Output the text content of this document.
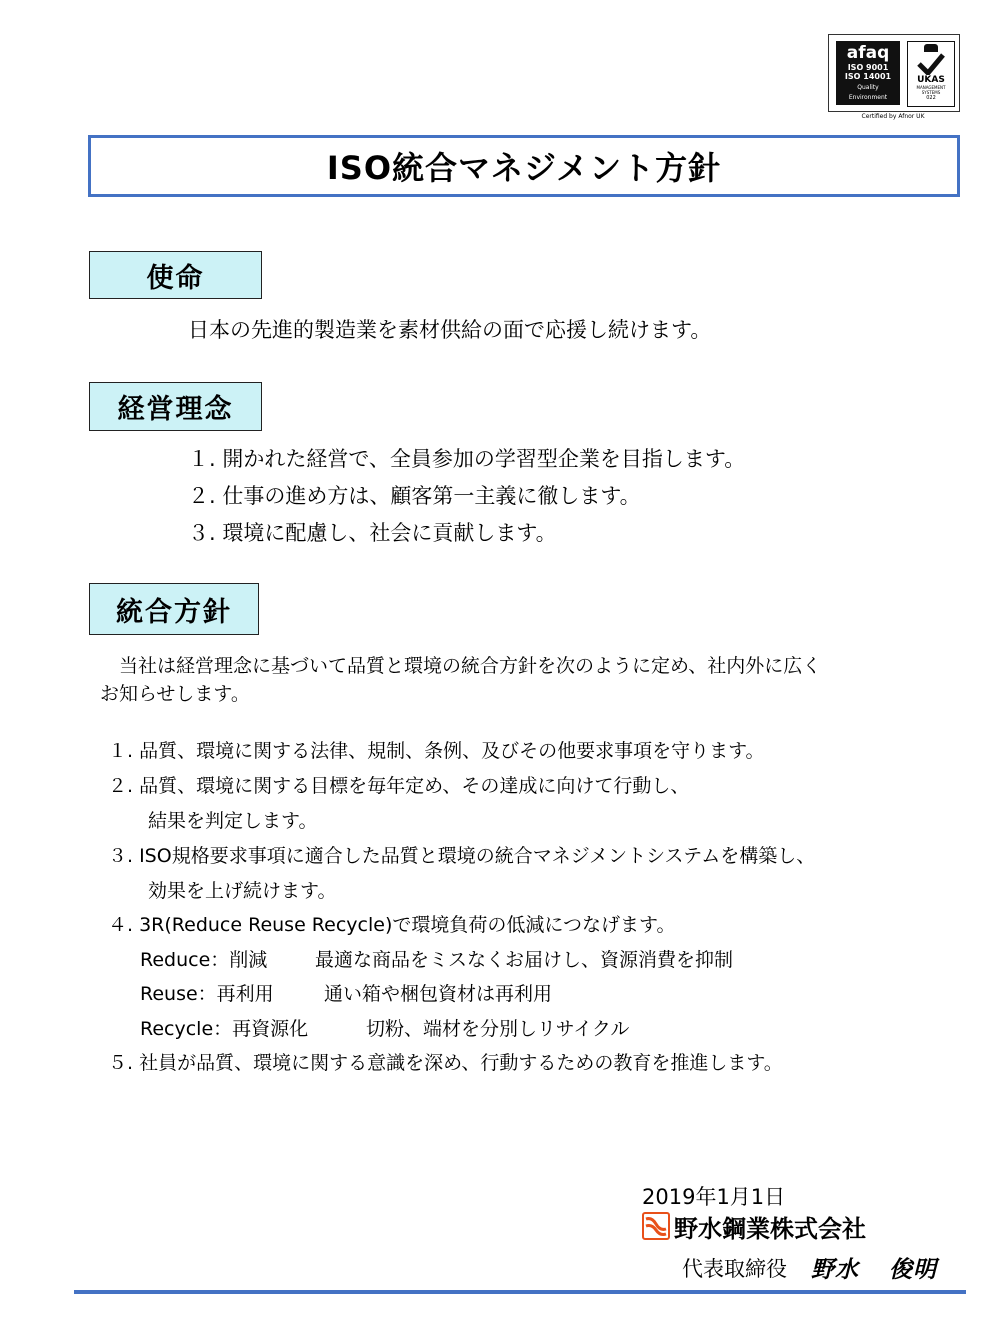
afaq
ISO 9001
ISO 14001
Quality
Environment
UKAS
MANAGEMENT SYSTEMS
022
Certified by Afnor UK
ISO統合マネジメント方針
使命
日本の先進的製造業を素材供給の面で応援し続けます。
経営理念
１. 開かれた経営で、全員参加の学習型企業を目指します。
２. 仕事の進め方は、顧客第一主義に徹します。
３. 環境に配慮し、社会に貢献します。
統合方針
当社は経営理念に基づいて品質と環境の統合方針を次のように定め、社内外に広く
お知らせします。
１. 品質、環境に関する法律、規制、条例、及びその他要求事項を守ります。
２. 品質、環境に関する目標を毎年定め、その達成に向けて行動し、
結果を判定します。
３. ISO規格要求事項に適合した品質と環境の統合マネジメントシステムを構築し、
効果を上げ続けます。
４. 3R(Reduce Reuse Recycle)で環境負荷の低減につなげます。
Reduce：削減	最適な商品をミスなくお届けし、資源消費を抑制
Reuse：再利用	通い箱や梱包資材は再利用
Recycle：再資源化	切粉、端材を分別しリサイクル
５. 社員が品質、環境に関する意識を深め、行動するための教育を推進します。
2019年1月1日
野水鋼業株式会社
代表取締役 野水 俊明
